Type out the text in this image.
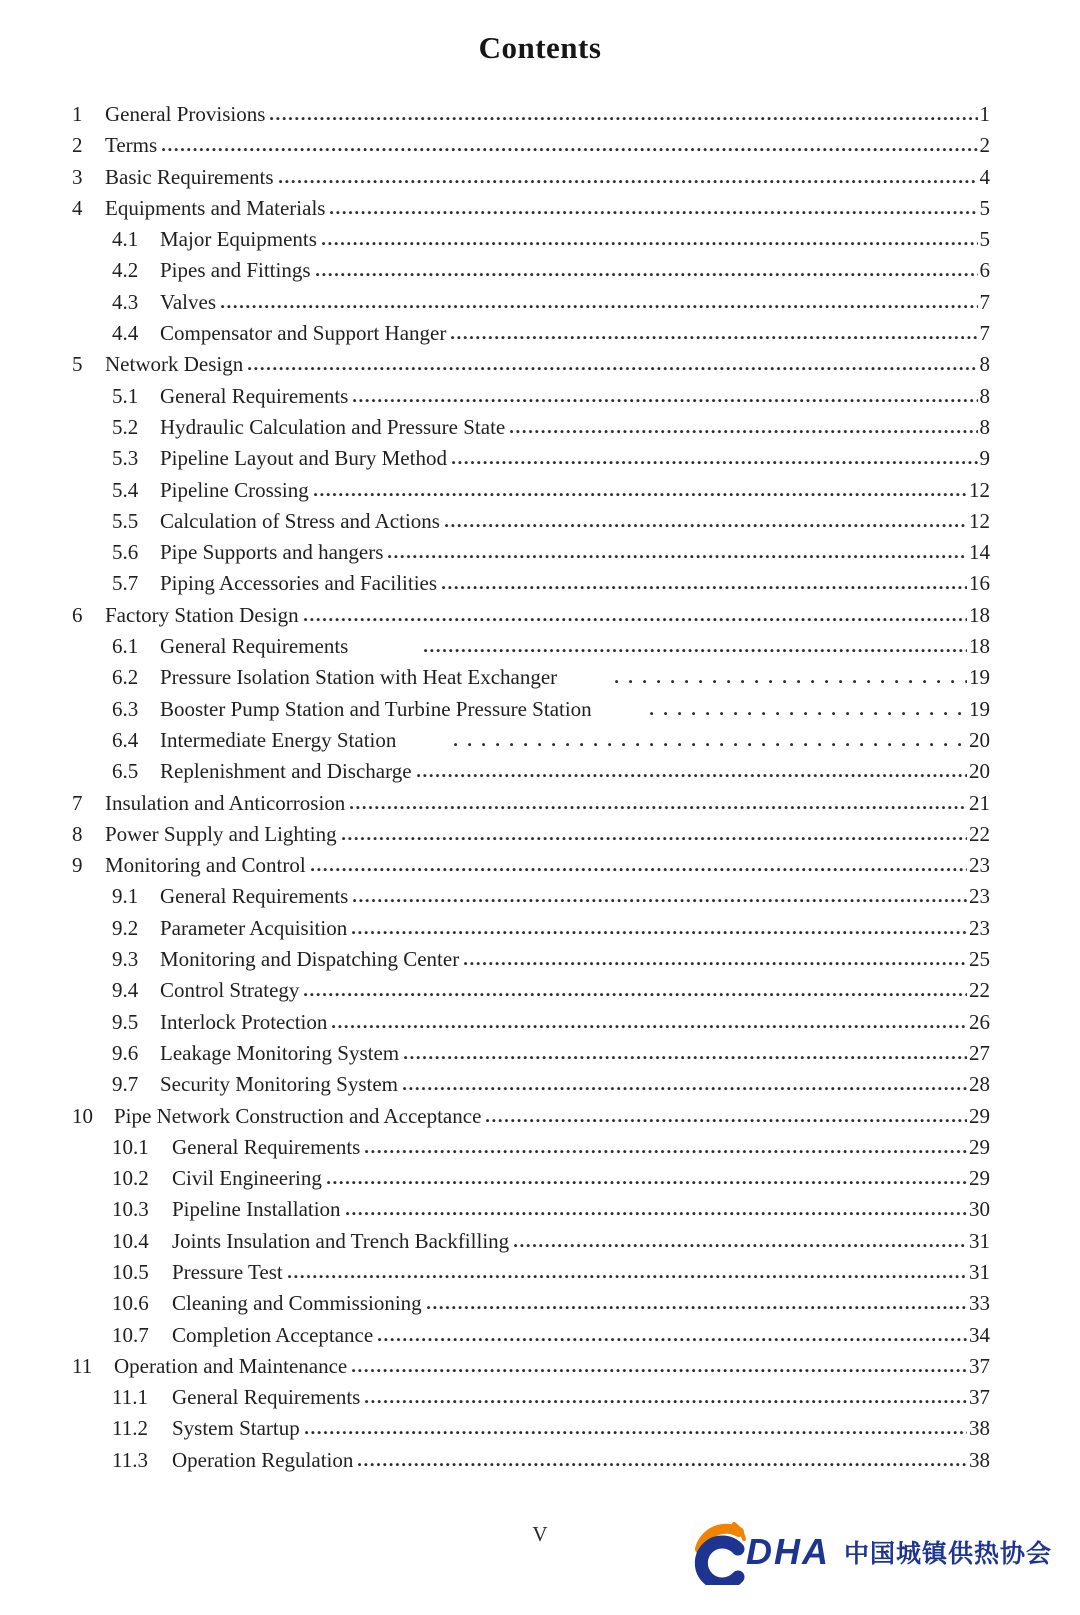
Contents
1	General Provisions	1
2	Terms	2
3	Basic Requirements	4
4	Equipments and Materials	5
4.1	Major Equipments	5
4.2	Pipes and Fittings	6
4.3	Valves	7
4.4	Compensator and Support Hanger	7
5	Network Design	8
5.1	General Requirements	8
5.2	Hydraulic Calculation and Pressure State	8
5.3	Pipeline Layout and Bury Method	9
5.4	Pipeline Crossing	12
5.5	Calculation of Stress and Actions	12
5.6	Pipe Supports and hangers	14
5.7	Piping Accessories and Facilities	16
6	Factory Station Design	18
6.1	General Requirements	18
6.2	Pressure Isolation Station with Heat Exchanger	19
6.3	Booster Pump Station and Turbine Pressure Station	19
6.4	Intermediate Energy Station	20
6.5	Replenishment and Discharge	20
7	Insulation and Anticorrosion	21
8	Power Supply and Lighting	22
9	Monitoring and Control	23
9.1	General Requirements	23
9.2	Parameter Acquisition	23
9.3	Monitoring and Dispatching Center	25
9.4	Control Strategy	22
9.5	Interlock Protection	26
9.6	Leakage Monitoring System	27
9.7	Security Monitoring System	28
10	Pipe Network Construction and Acceptance	29
10.1	General Requirements	29
10.2	Civil Engineering	29
10.3	Pipeline Installation	30
10.4	Joints Insulation and Trench Backfilling	31
10.5	Pressure Test	31
10.6	Cleaning and Commissioning	33
10.7	Completion Acceptance	34
11	Operation and Maintenance	37
11.1	General Requirements	37
11.2	System Startup	38
11.3	Operation Regulation	38
V	DHA 中国城镇供热协会
